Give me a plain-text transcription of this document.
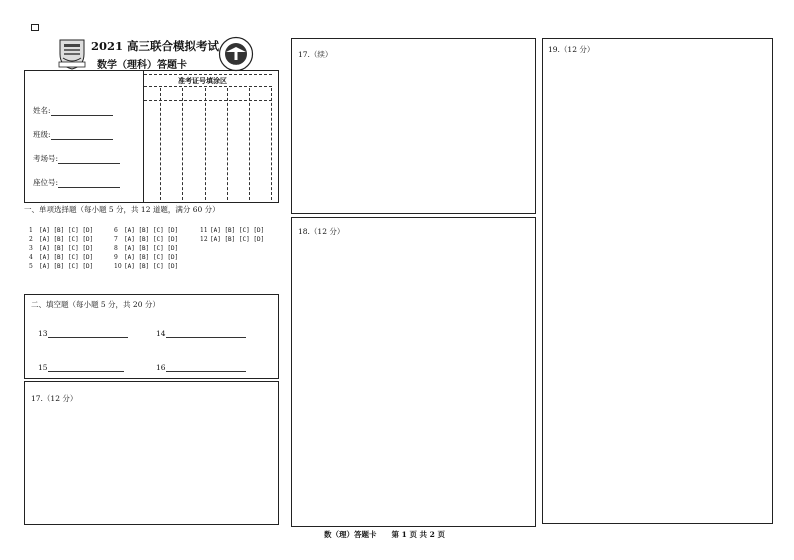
2021 高三联合模拟考试
数学（理科）答题卡	1908
姓名:
班级:
考场号:
座位号:
准考证号填涂区
一、单项选择题（每小题 5 分，共 12 道题，满分 60 分）
1 [A] [B] [C] [D]
2 [A] [B] [C] [D]
3 [A] [B] [C] [D]
4 [A] [B] [C] [D]
5 [A] [B] [C] [D]
6 [A] [B] [C] [D]
7 [A] [B] [C] [D]
8 [A] [B] [C] [D]
9 [A] [B] [C] [D]
10 [A] [B] [C] [D]
11 [A] [B] [C] [D]
12 [A] [B] [C] [D]
二、填空题（每小题 5 分，共 20 分）
13	14
15	16
17.（12 分）
17.（续）
18.（12 分）
19.（12 分）
数（理）答题卡　　第 1 页 共 2 页
